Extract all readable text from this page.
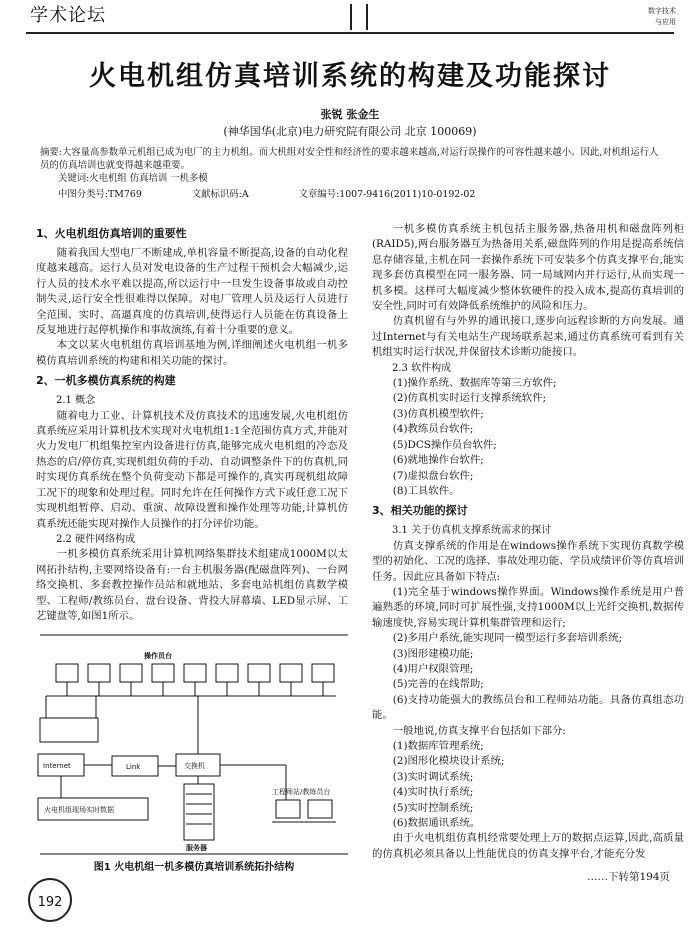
学术论坛	数字技术
与应用
火电机组仿真培训系统的构建及功能探讨
张锐 张金生
(神华国华(北京)电力研究院有限公司 北京 100069)
摘要:大容量高参数单元机组已成为电厂的主力机组。而大机组对安全性和经济性的要求越来越高,对运行误操作的可容性越来越小。因此,对机组运行人员的仿真培训也就变得越来越重要。
关键词:火电机组 仿真培训 一机多模
中图分类号:TM769	文献标识码:A	文章编号:1007-9416(2011)10-0192-02
1、火电机组仿真培训的重要性

随着我国大型电厂不断建成,单机容量不断提高,设备的自动化程度越来越高。运行人员对发电设备的生产过程干预机会大幅减少,运行人员的技术水平难以提高,所以运行中一旦发生设备事故或自动控制失灵,运行安全性很难得以保障。对电厂管理人员及运行人员进行全范围、实时、高逼真度的仿真培训,使得运行人员能在仿真设备上反复地进行起停机操作和事故演练,有着十分重要的意义。

本文以某火电机组仿真培训基地为例,详细阐述火电机组一机多模仿真培训系统的构建和相关功能的探讨。

2、一机多模仿真系统的构建
2.1 概念

随着电力工业、计算机技术及仿真技术的迅速发展,火电机组仿真系统应采用计算机技术实现对火电机组1:1全范围仿真方式,并能对火力发电厂机组集控室内设备进行仿真,能够完成火电机组的冷态及热态的启/停仿真,实现机组负荷的手动、自动调整条件下的仿真机,同时实现仿真系统在整个负荷变动下都是可操作的,真实再现机组故障工况下的现象和处理过程。同时允许在任何操作方式下或任意工况下实现机组暂停、启动、重演、故障设置和操作处理等功能,计算机仿真系统还能实现对操作人员操作的打分评价功能。

2.2 硬件网络构成

一机多模仿真系统采用计算机网络集群技术组建成1000M以太网拓扑结构,主要网络设备有:一台主机服务器(配磁盘阵列)、一台网络交换机、多套教控操作员站和就地站、多套电站机组仿真数学模型、工程师/教练员台、盘台设备、背投大屏幕墙、LED显示屏、工艺键盘等,如图1所示。

操作员台
Internet	Link	交换机
火电机组现场实时数据
服务器
工程师站/教练员台
图1 火电机组一机多模仿真培训系统拓扑结构

一机多模仿真系统主机包括主服务器,热备用机和磁盘阵列柜(RAID5),两台服务器互为热备用关系,磁盘阵列的作用是提高系统信息存储容量,主机在同一套操作系统下可安装多个仿真支撑平台,能实现多套仿真模型在同一服务器、同一局域网内并行运行,从而实现一机多模。这样可大幅度减少整体软硬件的投入成本,提高仿真培训的安全性,同时可有效降低系统维护的风险和压力。

仿真机留有与外界的通讯接口,逐步向远程诊断的方向发展。通过Internet与有关电站生产现场联系起来,通过仿真系统可看到有关机组实时运行状况,并保留技术诊断功能接口。

2.3 软件构成
(1)操作系统、数据库等第三方软件;
(2)仿真机实时运行支撑系统软件;
(3)仿真机模型软件;
(4)教练员台软件;
(5)DCS操作员台软件;
(6)就地操作台软件;
(7)虚拟盘台软件;
(8)工具软件。
3、相关功能的探讨
3.1 关于仿真机支撑系统需求的探讨

仿真支撑系统的作用是在windows操作系统下实现仿真数学模型的初始化、工况的选择、事故处理功能、学员成绩评价等仿真培训任务。因此应具备如下特点:

(1)完全基于windows操作界面。Windows操作系统是用户普遍熟悉的环境,同时可扩展性强,支持1000M以上光纤交换机,数据传输速度快,容易实现计算机集群管理和运行;

(2)多用户系统,能实现同一模型运行多套培训系统;
(3)图形建模功能;
(4)用户权限管理;
(5)完善的在线帮助;

(6)支持功能强大的教练员台和工程师站功能。具备仿真组态功能。

一般地说,仿真支撑平台包括如下部分:

(1)数据库管理系统;
(2)图形化模块设计系统;
(3)实时调试系统;
(4)实时执行系统;
(5)实时控制系统;
(6)数据通讯系统。

由于火电机组仿真机经常要处理上万的数据点运算,因此,高质量的仿真机必须具备以上性能优良的仿真支撑平台,才能充分发

……下转第194页
192
